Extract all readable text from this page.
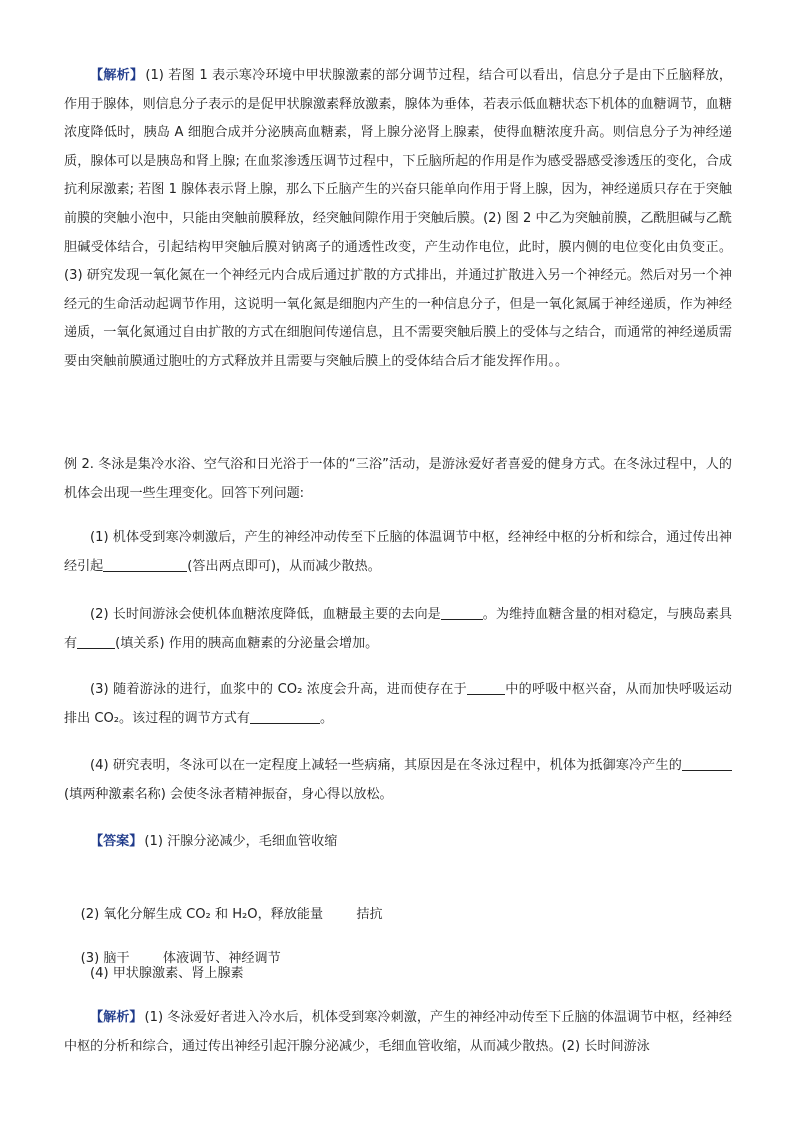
【解析】 (1) 若图 1 表示寒冷环境中甲状腺激素的部分调节过程，结合可以看出，信息分子是由下丘脑释放，作用于腺体，则信息分子表示的是促甲状腺激素释放激素，腺体为垂体，若表示低血糖状态下机体的血糖调节，血糖浓度降低时，胰岛 A 细胞合成并分泌胰高血糖素，肾上腺分泌肾上腺素，使得血糖浓度升高。则信息分子为神经递质，腺体可以是胰岛和肾上腺; 在血浆渗透压调节过程中，下丘脑所起的作用是作为感受器感受渗透压的变化，合成抗利尿激素; 若图 1 腺体表示肾上腺，那么下丘脑产生的兴奋只能单向作用于肾上腺，因为，神经递质只存在于突触前膜的突触小泡中，只能由突触前膜释放，经突触间隙作用于突触后膜。(2) 图 2 中乙为突触前膜，乙酰胆碱与乙酰胆碱受体结合，引起结构甲突触后膜对钠离子的通透性改变，产生动作电位，此时，膜内侧的电位变化由负变正。(3) 研究发现一氧化氮在一个神经元内合成后通过扩散的方式排出，并通过扩散进入另一个神经元。然后对另一个神经元的生命活动起调节作用，这说明一氧化氮是细胞内产生的一种信息分子，但是一氧化氮属于神经递质，作为神经递质，一氧化氮通过自由扩散的方式在细胞间传递信息，且不需要突触后膜上的受体与之结合，而通常的神经递质需要由突触前膜通过胞吐的方式释放并且需要与突触后膜上的受体结合后才能发挥作用。。

例 2. 冬泳是集冷水浴、空气浴和日光浴于一体的“三浴”活动，是游泳爱好者喜爱的健身方式。在冬泳过程中，人的机体会出现一些生理变化。回答下列问题:

(1) 机体受到寒冷刺激后，产生的神经冲动传至下丘脑的体温调节中枢，经神经中枢的分析和综合，通过传出神经引起	(答出两点即可)，从而减少散热。

(2) 长时间游泳会使机体血糖浓度降低，血糖最主要的去向是	。为维持血糖含量的相对稳定，与胰岛素具有	(填关系) 作用的胰高血糖素的分泌量会增加。

(3) 随着游泳的进行，血浆中的 CO₂ 浓度会升高，进而使存在于	中的呼吸中枢兴奋，从而加快呼吸运动排出 CO₂。该过程的调节方式有	。

(4) 研究表明，冬泳可以在一定程度上减轻一些病痛，其原因是在冬泳过程中，机体为抵御寒冷产生的(填两种激素名称) 会使冬泳者精神振奋，身心得以放松。

【答案】 (1) 汗腺分泌减少，毛细血管收缩

(2) 氧化分解生成 CO₂ 和 H₂O，释放能量        拮抗

(3) 脑干        体液调节、神经调节

(4) 甲状腺激素、肾上腺素

【解析】 (1) 冬泳爱好者进入冷水后，机体受到寒冷刺激，产生的神经冲动传至下丘脑的体温调节中枢，经神经中枢的分析和综合，通过传出神经引起汗腺分泌减少，毛细血管收缩，从而减少散热。(2) 长时间游泳
